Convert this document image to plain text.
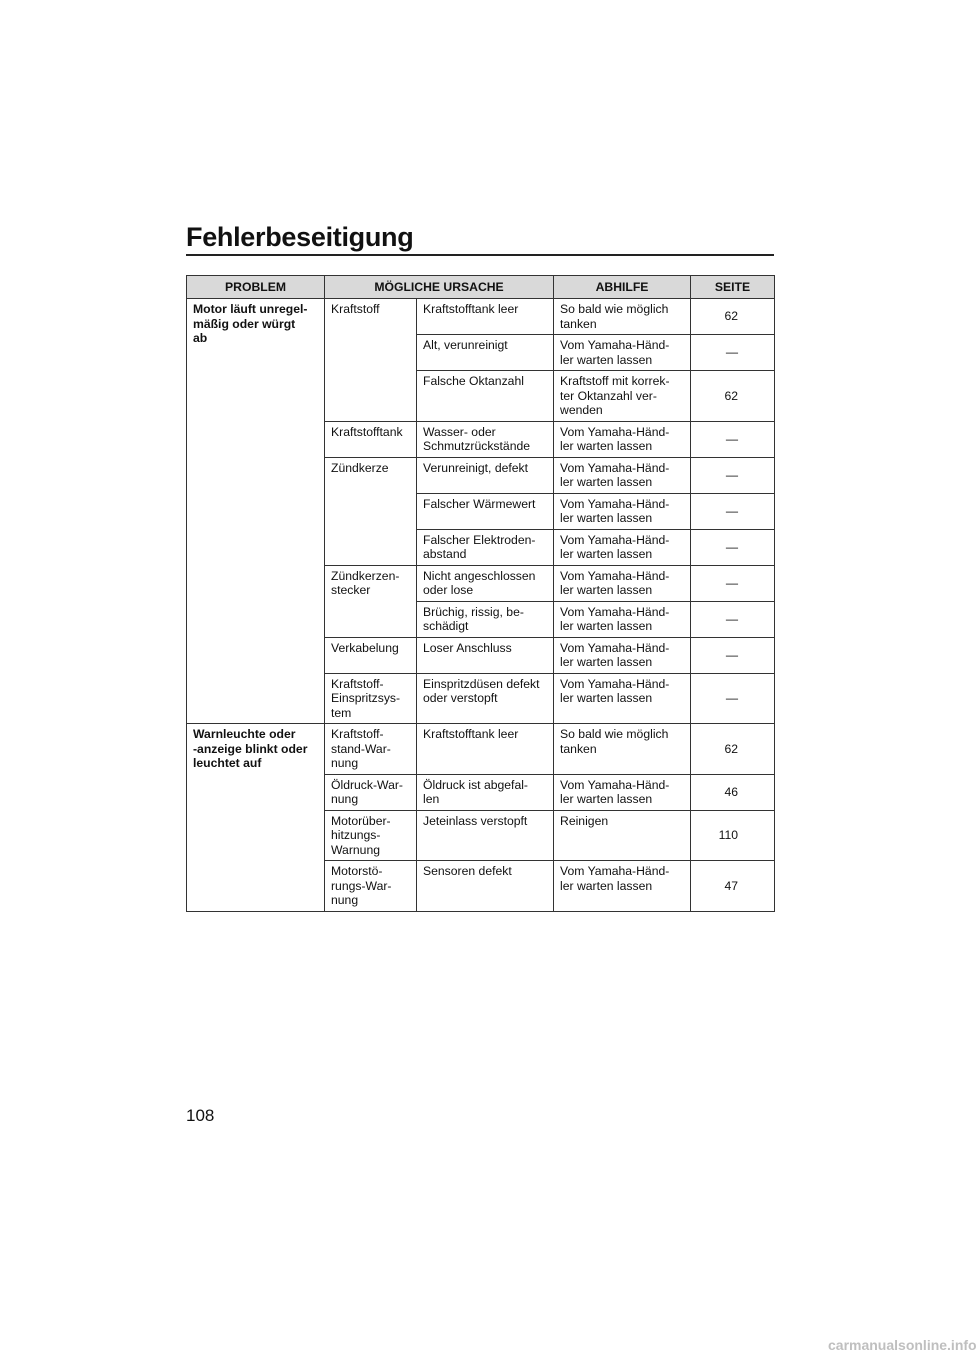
Fehlerbeseitigung
PROBLEM	MÖGLICHE URSACHE		ABHILFE	SEITE
Motor läuft unregel-
mäßig oder würgt
ab	Kraftstoff	Kraftstofftank leer	So bald wie möglich
tanken	62
		Alt, verunreinigt	Vom Yamaha-Händ-
ler warten lassen	—
		Falsche Oktanzahl	Kraftstoff mit korrek-
ter Oktanzahl ver-
wenden	62
	Kraftstofftank	Wasser- oder
Schmutzrückstände	Vom Yamaha-Händ-
ler warten lassen	—
	Zündkerze	Verunreinigt, defekt	Vom Yamaha-Händ-
ler warten lassen	—
		Falscher Wärmewert	Vom Yamaha-Händ-
ler warten lassen	—
		Falscher Elektroden-
abstand	Vom Yamaha-Händ-
ler warten lassen	—
	Zündkerzen-
stecker	Nicht angeschlossen
oder lose	Vom Yamaha-Händ-
ler warten lassen	—
		Brüchig, rissig, be-
schädigt	Vom Yamaha-Händ-
ler warten lassen	—
	Verkabelung	Loser Anschluss	Vom Yamaha-Händ-
ler warten lassen	—
	Kraftstoff-
Einspritzsys-
tem	Einspritzdüsen defekt
oder verstopft	Vom Yamaha-Händ-
ler warten lassen	—
Warnleuchte oder
-anzeige blinkt oder
leuchtet auf	Kraftstoff-
stand-War-
nung	Kraftstofftank leer	So bald wie möglich
tanken	62
	Öldruck-War-
nung	Öldruck ist abgefal-
len	Vom Yamaha-Händ-
ler warten lassen	46
	Motorüber-
hitzungs-
Warnung	Jeteinlass verstopft	Reinigen	110
	Motorstö-
rungs-War-
nung	Sensoren defekt	Vom Yamaha-Händ-
ler warten lassen	47
108
carmanualsonline.info
